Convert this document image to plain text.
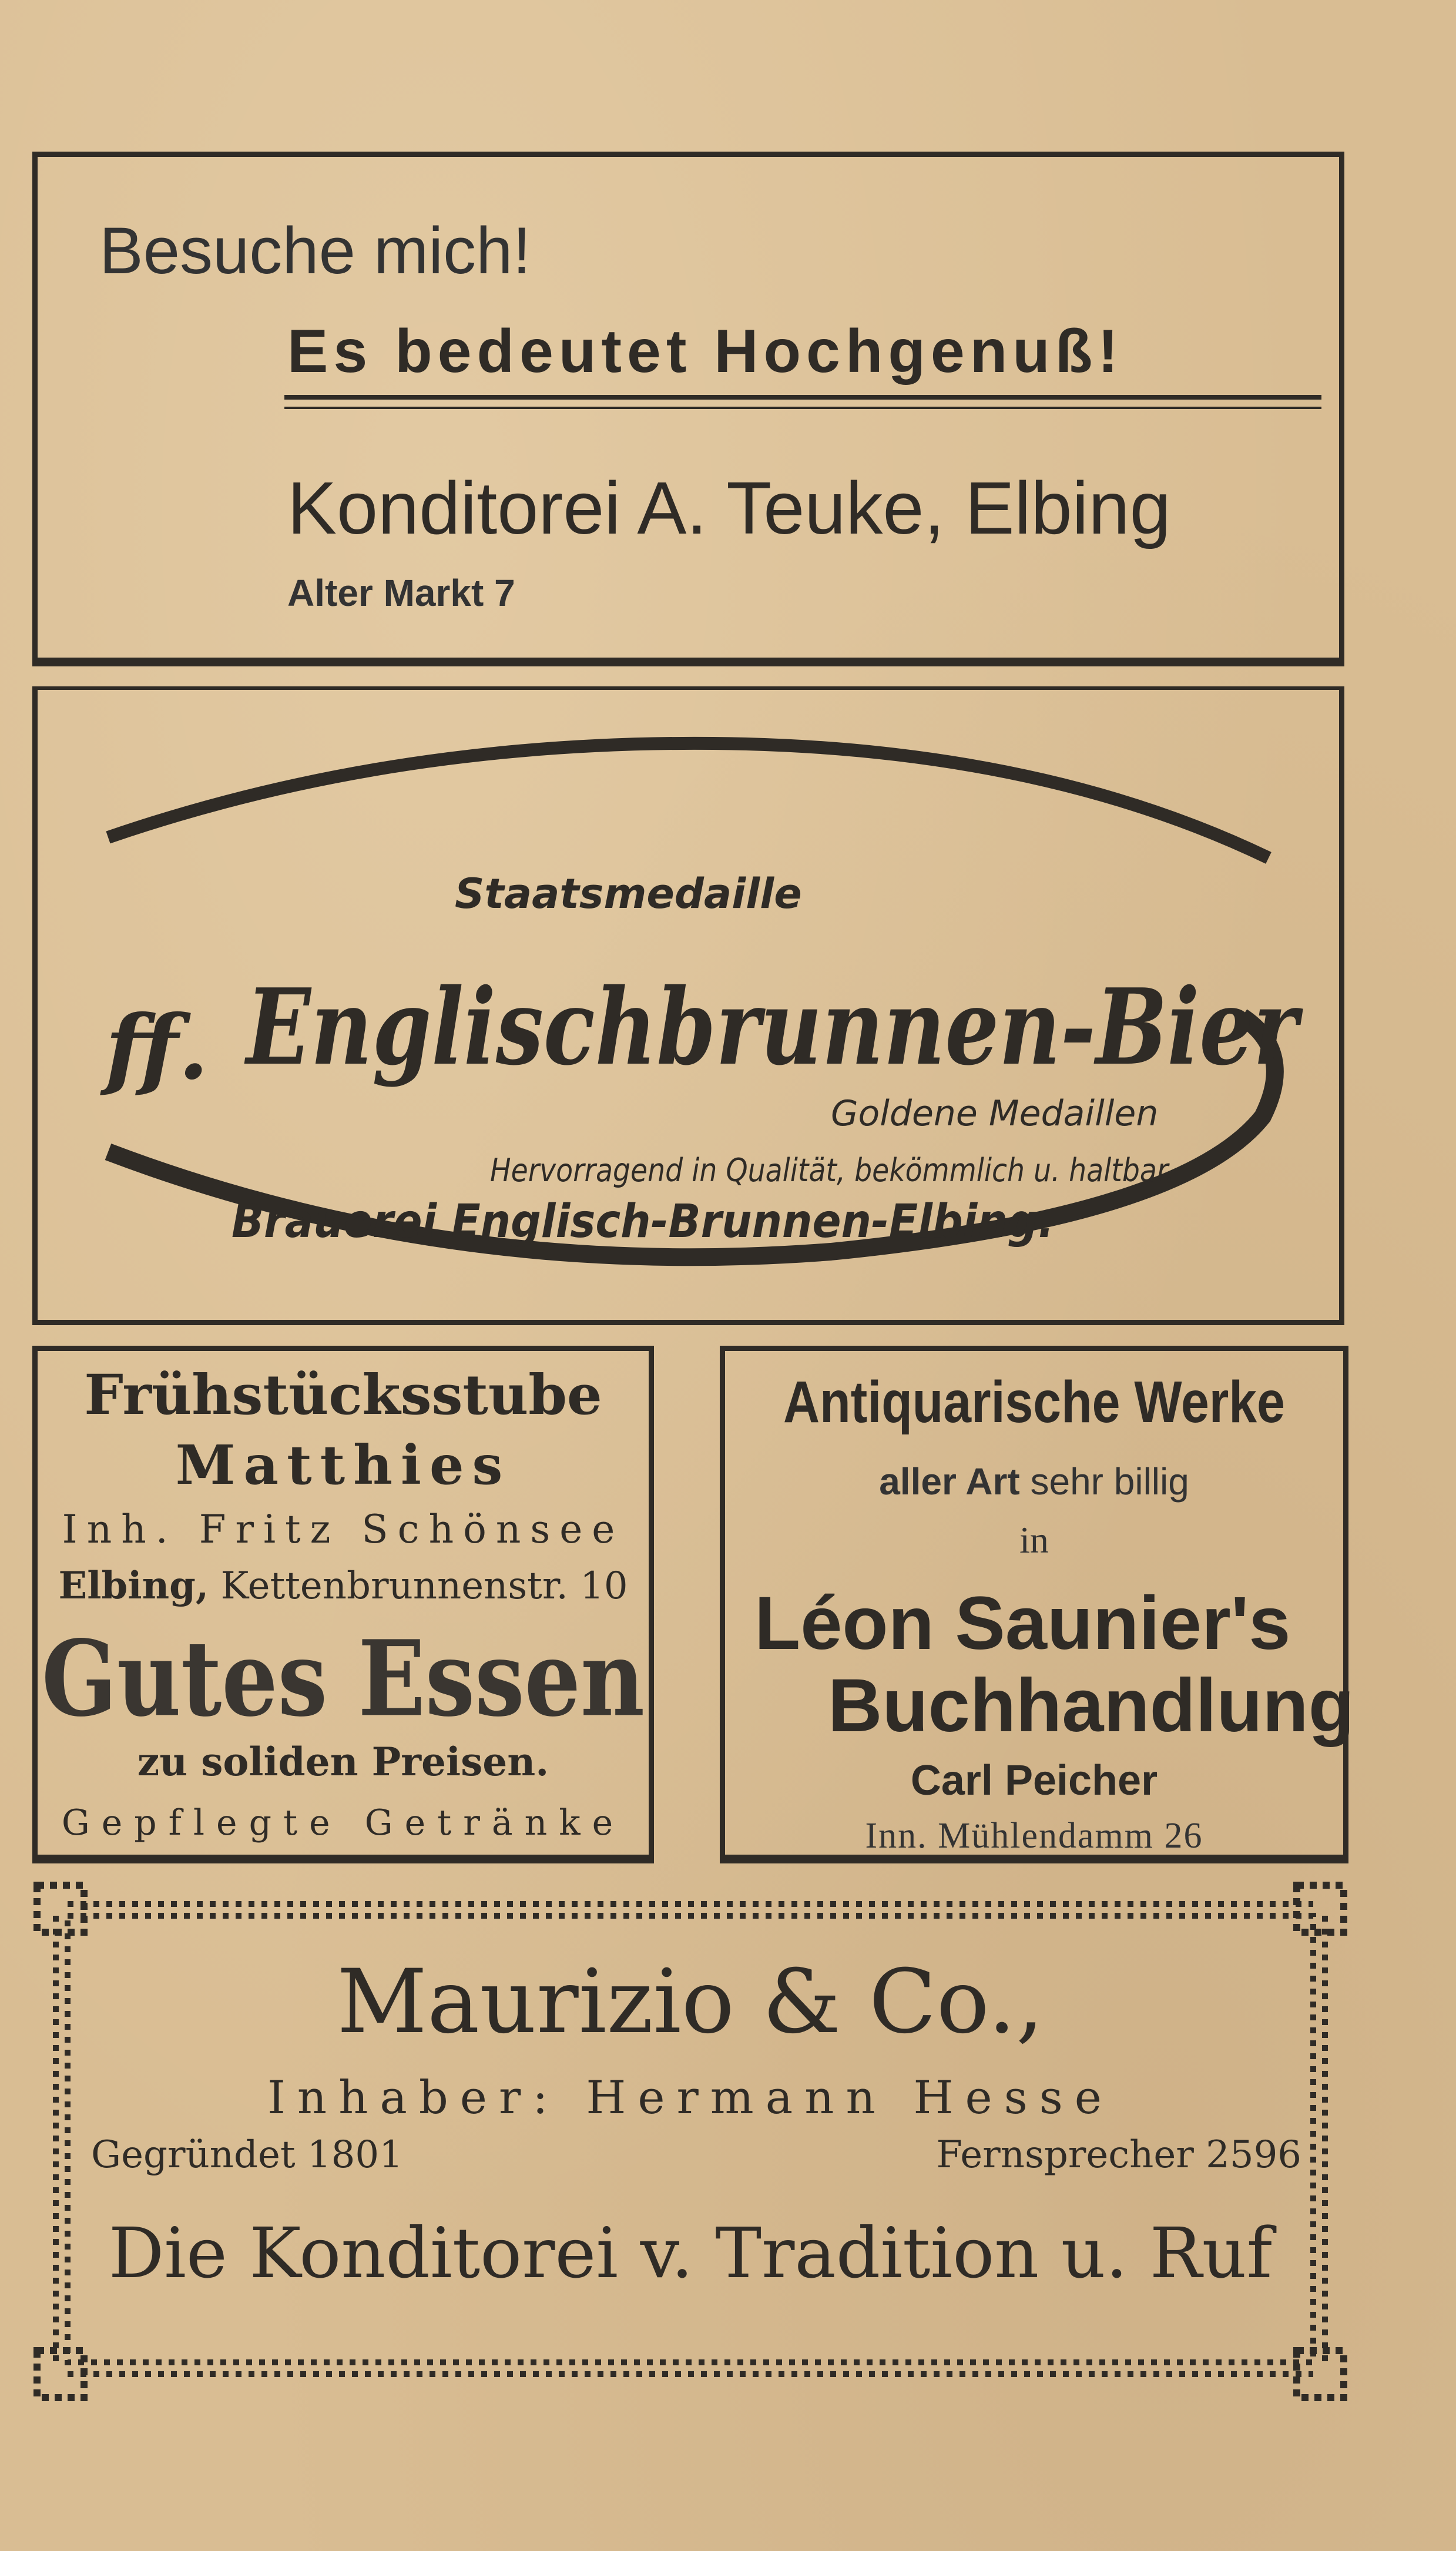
Besuche mich!
Es bedeutet Hochgenuß!
Konditorei A. Teuke, Elbing
Alter Markt 7
Staatsmedaille
ff. Englischbrunnen-Bier
Goldene Medaillen
Hervorragend in Qualität, bekömmlich u. haltbar.
Brauerei Englisch-Brunnen-Elbing.
Frühstücksstube
Matthies
Inh. Fritz Schönsee
Elbing, Kettenbrunnenstr. 10
Gutes Essen
zu soliden Preisen.
Gepflegte Getränke
Antiquarische Werke
aller Art sehr billig
in
Léon Saunier's
Buchhandlung
Carl Peicher
Inn. Mühlendamm 26
Maurizio & Co.,
Inhaber: Hermann Hesse
Gegründet 1801	Fernsprecher 2596
Die Konditorei v. Tradition u. Ruf
